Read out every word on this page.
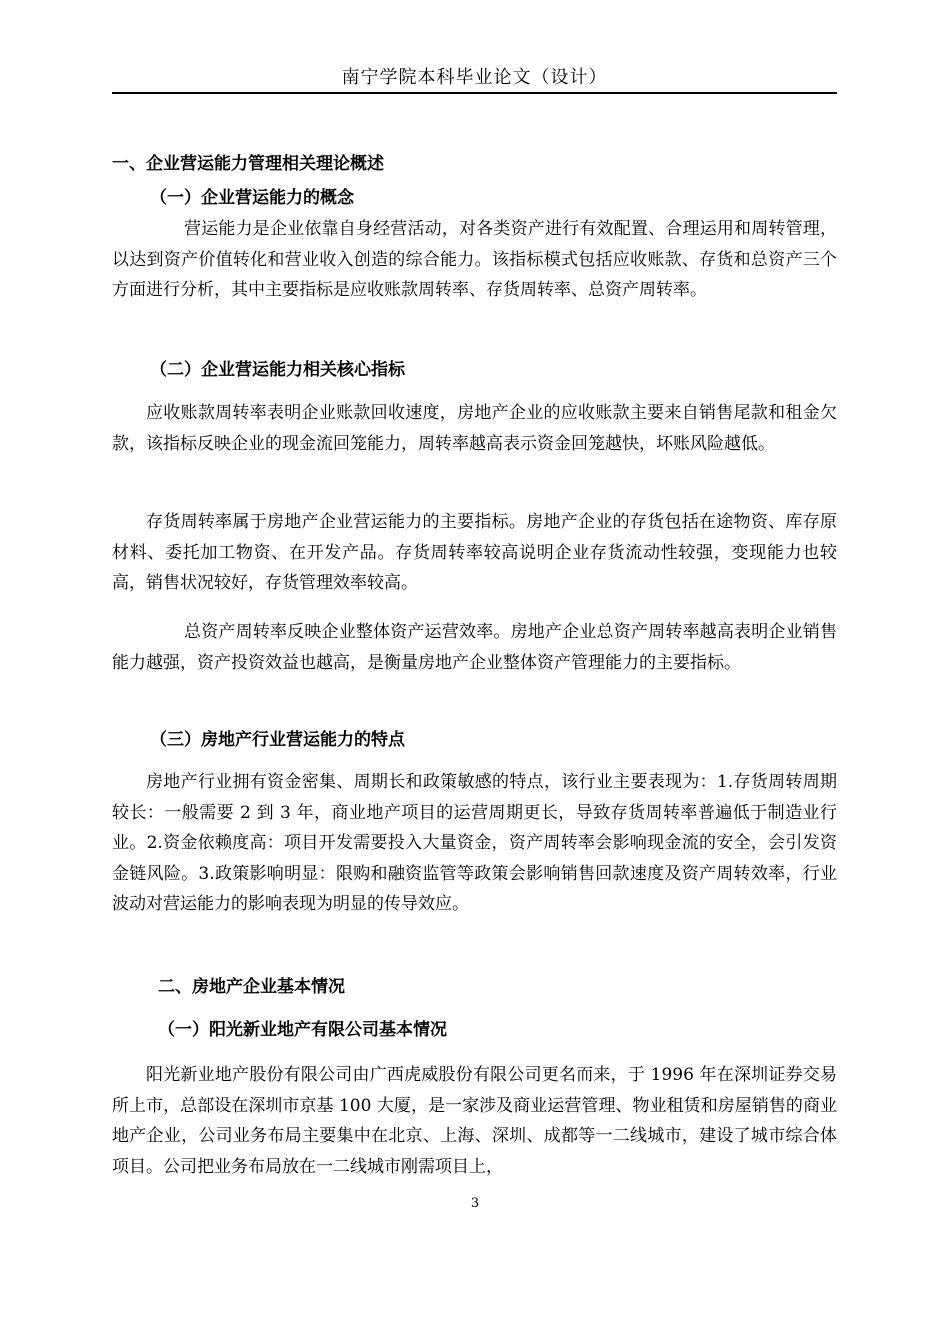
南宁学院本科毕业论文（设计）
一、企业营运能力管理相关理论概述
（一）企业营运能力的概念

营运能力是企业依靠自身经营活动，对各类资产进行有效配置、合理运用和周转管理，以达到资产价值转化和营业收入创造的综合能力。该指标模式包括应收账款、存货和总资产三个方面进行分析，其中主要指标是应收账款周转率、存货周转率、总资产周转率。

（二）企业营运能力相关核心指标

应收账款周转率表明企业账款回收速度，房地产企业的应收账款主要来自销售尾款和租金欠款，该指标反映企业的现金流回笼能力，周转率越高表示资金回笼越快，坏账风险越低。

存货周转率属于房地产企业营运能力的主要指标。房地产企业的存货包括在途物资、库存原材料、委托加工物资、在开发产品。存货周转率较高说明企业存货流动性较强，变现能力也较高，销售状况较好，存货管理效率较高。

总资产周转率反映企业整体资产运营效率。房地产企业总资产周转率越高表明企业销售能力越强，资产投资效益也越高，是衡量房地产企业整体资产管理能力的主要指标。

（三）房地产行业营运能力的特点

房地产行业拥有资金密集、周期长和政策敏感的特点，该行业主要表现为：1.存货周转周期较长：一般需要 2 到 3 年，商业地产项目的运营周期更长，导致存货周转率普遍低于制造业行业。2.资金依赖度高：项目开发需要投入大量资金，资产周转率会影响现金流的安全，会引发资金链风险。3.政策影响明显：限购和融资监管等政策会影响销售回款速度及资产周转效率，行业波动对营运能力的影响表现为明显的传导效应。

二、房地产企业基本情况
（一）阳光新业地产有限公司基本情况

阳光新业地产股份有限公司由广西虎威股份有限公司更名而来，于 1996 年在深圳证券交易所上市，总部设在深圳市京基 100 大厦，是一家涉及商业运营管理、物业租赁和房屋销售的商业地产企业，公司业务布局主要集中在北京、上海、深圳、成都等一二线城市，建设了城市综合体项目。公司把业务布局放在一二线城市刚需项目上，

3
